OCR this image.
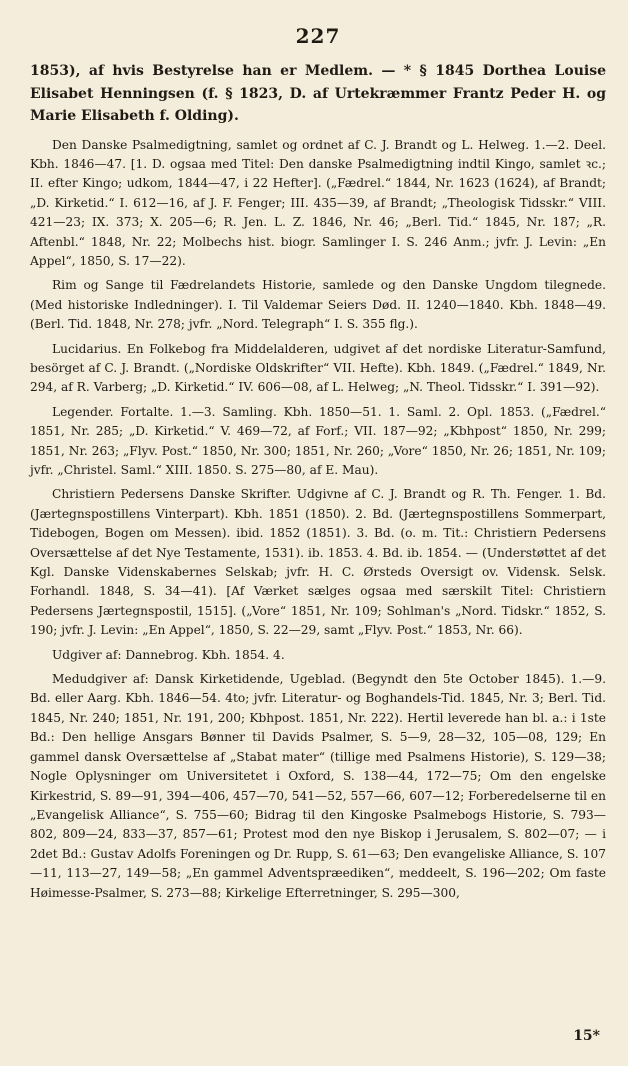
227

1853), af hvis Bestyrelse han er Medlem. — * § 1845 Dorthea Louise Elisabet Henningsen (f. § 1823, D. af Urtekræmmer Frantz Peder H. og Marie Elisabeth f. Olding).

Den Danske Psalmedigtning, samlet og ordnet af C. J. Brandt og L. Helweg. 1.—2. Deel. Kbh. 1846—47. [1. D. ogsaa med Titel: Den danske Psalmedigtning indtil Kingo, samlet ꝛc.; II. efter Kingo; udkom, 1844—47, i 22 Hefter]. („Fædrel.“ 1844, Nr. 1623 (1624), af Brandt; „D. Kirketid.“ I. 612—16, af J. F. Fenger; III. 435—39, af Brandt; „Theologisk Tidsskr.“ VIII. 421—23; IX. 373; X. 205—6; R. Jen. L. Z. 1846, Nr. 46; „Berl. Tid.“ 1845, Nr. 187; „R. Aftenbl.“ 1848, Nr. 22; Molbechs hist. biogr. Samlinger I. S. 246 Anm.; jvfr. J. Levin: „En Appel“, 1850, S. 17—22).

Rim og Sange til Fædrelandets Historie, samlede og den Danske Ungdom tilegnede. (Med historiske Indledninger). I. Til Valdemar Seiers Død. II. 1240—1840. Kbh. 1848—49. (Berl. Tid. 1848, Nr. 278; jvfr. „Nord. Telegraph“ I. S. 355 flg.).

Lucidarius. En Folkebog fra Middelalderen, udgivet af det nordiske Literatur-Samfund, besörget af C. J. Brandt. („Nordiske Oldskrifter“ VII. Hefte). Kbh. 1849. („Fædrel.“ 1849, Nr. 294, af R. Varberg; „D. Kirketid.“ IV. 606—08, af L. Helweg; „N. Theol. Tidsskr.“ I. 391—92).

Legender. Fortalte. 1.—3. Samling. Kbh. 1850—51. 1. Saml. 2. Opl. 1853. („Fædrel.“ 1851, Nr. 285; „D. Kirketid.“ V. 469—72, af Forf.; VII. 187—92; „Kbhpost“ 1850, Nr. 299; 1851, Nr. 263; „Flyv. Post.“ 1850, Nr. 300; 1851, Nr. 260; „Vore“ 1850, Nr. 26; 1851, Nr. 109; jvfr. „Christel. Saml.“ XIII. 1850. S. 275—80, af E. Mau).

Christiern Pedersens Danske Skrifter. Udgivne af C. J. Brandt og R. Th. Fenger. 1. Bd. (Jærtegnspostillens Vinterpart). Kbh. 1851 (1850). 2. Bd. (Jærtegnspostillens Sommerpart, Tidebogen, Bogen om Messen). ibid. 1852 (1851). 3. Bd. (o. m. Tit.: Christiern Pedersens Oversættelse af det Nye Testamente, 1531). ib. 1853. 4. Bd. ib. 1854. — (Understøttet af det Kgl. Danske Videnskabernes Selskab; jvfr. H. C. Ørsteds Oversigt ov. Vidensk. Selsk. Forhandl. 1848, S. 34—41). [Af Værket sælges ogsaa med særskilt Titel: Christiern Pedersens Jærtegnspostil, 1515]. („Vore“ 1851, Nr. 109; Sohlman's „Nord. Tidskr.“ 1852, S. 190; jvfr. J. Levin: „En Appel“, 1850, S. 22—29, samt „Flyv. Post.“ 1853, Nr. 66).

Udgiver af: Dannebrog. Kbh. 1854. 4.

Medudgiver af: Dansk Kirketidende, Ugeblad. (Begyndt den 5te October 1845). 1.—9. Bd. eller Aarg. Kbh. 1846—54. 4to; jvfr. Literatur- og Boghandels-Tid. 1845, Nr. 3; Berl. Tid. 1845, Nr. 240; 1851, Nr. 191, 200; Kbhpost. 1851, Nr. 222). Hertil leverede han bl. a.: i 1ste Bd.: Den hellige Ansgars Bønner til Davids Psalmer, S. 5—9, 28—32, 105—08, 129; En gammel dansk Oversættelse af „Stabat mater“ (tillige med Psalmens Historie), S. 129—38; Nogle Oplysninger om Universitetet i Oxford, S. 138—44, 172—75; Om den engelske Kirkestrid, S. 89—91, 394—406, 457—70, 541—52, 557—66, 607—12; Forberedelserne til en „Evangelisk Alliance“, S. 755—60; Bidrag til den Kingoske Psalmebogs Historie, S. 793—802, 809—24, 833—37, 857—61; Protest mod den nye Biskop i Jerusalem, S. 802—07; — i 2det Bd.: Gustav Adolfs Foreningen og Dr. Rupp, S. 61—63; Den evangeliske Alliance, S. 107—11, 113—27, 149—58; „En gammel Adventspræediken“, meddeelt, S. 196—202; Om faste Høimesse-Psalmer, S. 273—88; Kirkelige Efterretninger, S. 295—300,

15*
